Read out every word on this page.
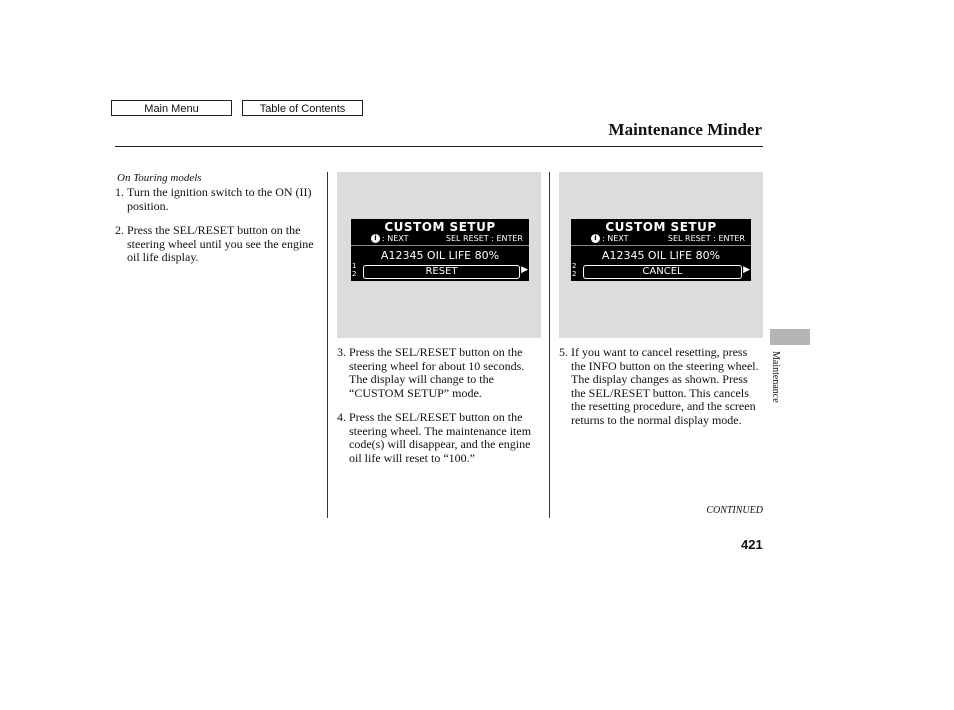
Main Menu	Table of Contents
Maintenance Minder
On Touring models
1. Turn the ignition switch to the ON (II) position.
2. Press the SEL/RESET button on the steering wheel until you see the engine oil life display.
CUSTOM SETUP
i : NEXT	SEL RESET : ENTER
A12345 OIL LIFE 80%
1
2	RESET	▶
CUSTOM SETUP
i : NEXT	SEL RESET : ENTER
A12345 OIL LIFE 80%
2
2	CANCEL	▶
3. Press the SEL/RESET button on the steering wheel for about 10 seconds. The display will change to the “CUSTOM SETUP” mode.
4. Press the SEL/RESET button on the steering wheel. The maintenance item code(s) will disappear, and the engine oil life will reset to “100.”
5. If you want to cancel resetting, press the INFO button on the steering wheel. The display changes as shown. Press the SEL/RESET button. This cancels the resetting procedure, and the screen returns to the normal display mode.
Maintenance
CONTINUED
421
